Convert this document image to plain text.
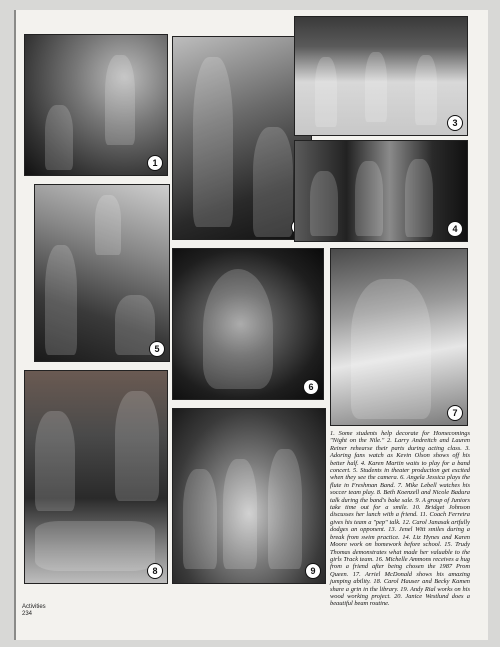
1
3
4
5
6
7
8	9
1. Some students help decorate for Homecomings "Night on the Nile." 2. Larry Andreitch and Lauren Reiner rehearse their parts during acting class. 3. Adoring fans watch as Kevin Olson shows off his better half. 4. Karen Martin waits to play for a band concert. 5. Students in theater production get excited when they see the camera. 6. Angela Jessica plays the flute in Freshman Band. 7. Mike Lebell watches his soccer team play. 8. Beth Koenzell and Nicole Badura talk during the band's bake sale. 9. A group of Juniors take time out for a smile. 10. Bridget Johnson discusses her lunch with a friend. 11. Coach Ferreira gives his team a "pep" talk. 12. Carol Janasak artfully dodges an opponent. 13. Jenel Witt smiles during a break from swim practice. 14. Liz Hynes and Karen Moore work on homework before school. 15. Trudy Thomas demonstrates what made her valuable to the girls Track team. 16. Michelle Ammons receives a hug from a friend after being chosen the 1987 Prom Queen. 17. Arriel McDonald shows his amazing jumping ability. 18. Carol Hauser and Becky Kamen share a grin in the library. 19. Andy Rial works on his wood working project. 20. Janice Westlund does a beautiful beam routine.
Activities
234
